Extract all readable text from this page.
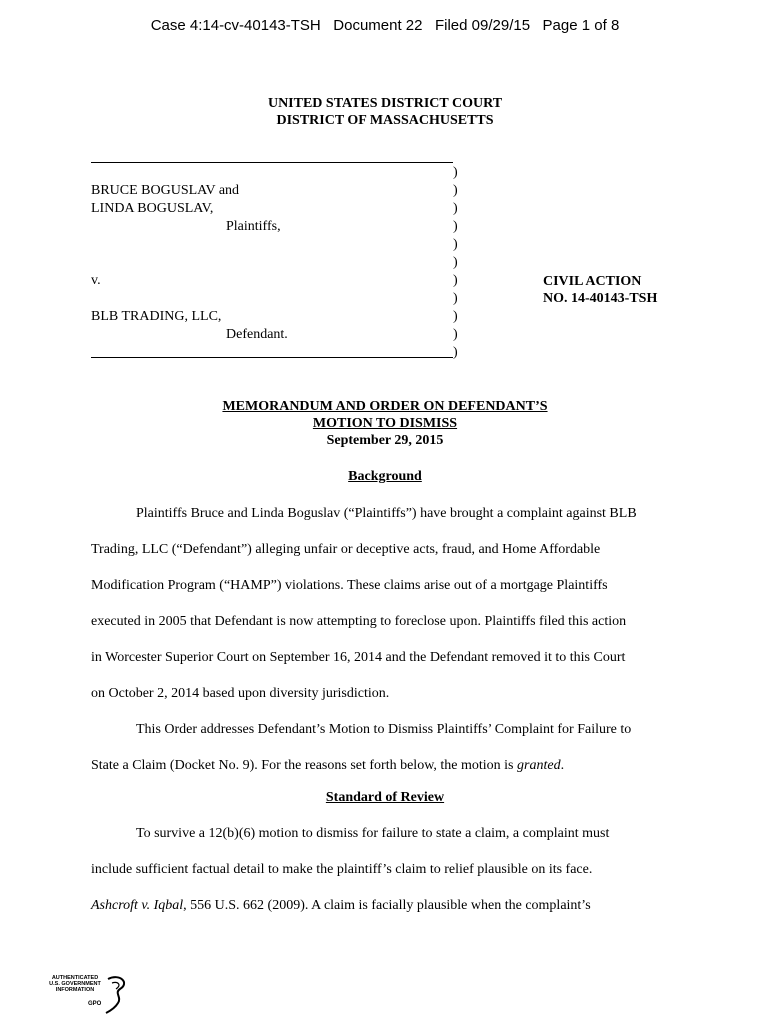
Case 4:14-cv-40143-TSH   Document 22   Filed 09/29/15   Page 1 of 8
UNITED STATES DISTRICT COURT
DISTRICT OF MASSACHUSETTS
BRUCE BOGUSLAV and
LINDA BOGUSLAV,
Plaintiffs,
v.
BLB TRADING, LLC,
Defendant.
)
)
)
)
)
)
)
)
)
)
)
CIVIL ACTION
NO. 14-40143-TSH
MEMORANDUM AND ORDER ON DEFENDANT’S
MOTION TO DISMISS
September 29, 2015
Background
Plaintiffs Bruce and Linda Boguslav (“Plaintiffs”) have brought a complaint against BLB
Trading, LLC (“Defendant”) alleging unfair or deceptive acts, fraud, and Home Affordable
Modification Program (“HAMP”) violations. These claims arise out of a mortgage Plaintiffs
executed in 2005 that Defendant is now attempting to foreclose upon. Plaintiffs filed this action
in Worcester Superior Court on September 16, 2014 and the Defendant removed it to this Court
on October 2, 2014 based upon diversity jurisdiction.
This Order addresses Defendant’s Motion to Dismiss Plaintiffs’ Complaint for Failure to
State a Claim (Docket No. 9). For the reasons set forth below, the motion is granted.
Standard of Review
To survive a 12(b)(6) motion to dismiss for failure to state a claim, a complaint must
include sufficient factual detail to make the plaintiff’s claim to relief plausible on its face.
Ashcroft v. Iqbal, 556 U.S. 662 (2009). A claim is facially plausible when the complaint’s
AUTHENTICATED
U.S. GOVERNMENT
INFORMATION
GPO
